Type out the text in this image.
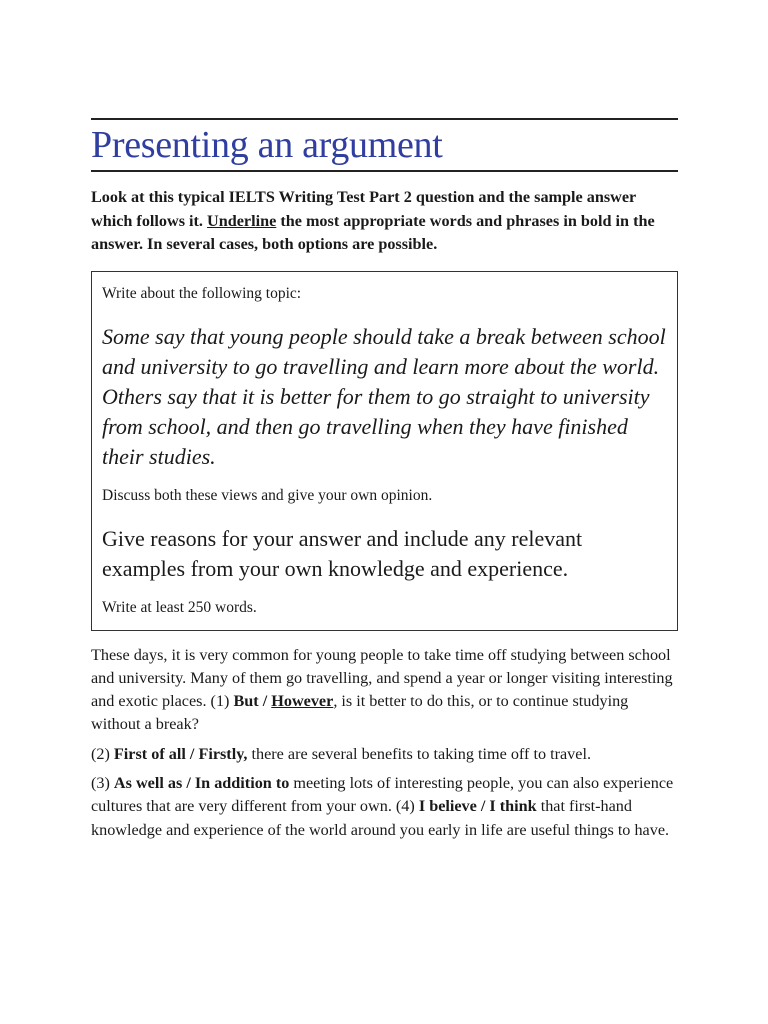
Presenting an argument
Look at this typical IELTS Writing Test Part 2 question and the sample answer which follows it. Underline the most appropriate words and phrases in bold in the answer. In several cases, both options are possible.
Write about the following topic:
Some say that young people should take a break between school and university to go travelling and learn more about the world. Others say that it is better for them to go straight to university from school, and then go travelling when they have finished their studies.
Discuss both these views and give your own opinion.
Give reasons for your answer and include any relevant examples from your own knowledge and experience.
Write at least 250 words.

These days, it is very common for young people to take time off studying between school and university. Many of them go travelling, and spend a year or longer visiting interesting and exotic places. (1) But / However, is it better to do this, or to continue studying without a break?

(2) First of all / Firstly, there are several benefits to taking time off to travel.

(3) As well as / In addition to meeting lots of interesting people, you can also experience cultures that are very different from your own. (4) I believe / I think that first-hand knowledge and experience of the world around you early in life are useful things to have.
